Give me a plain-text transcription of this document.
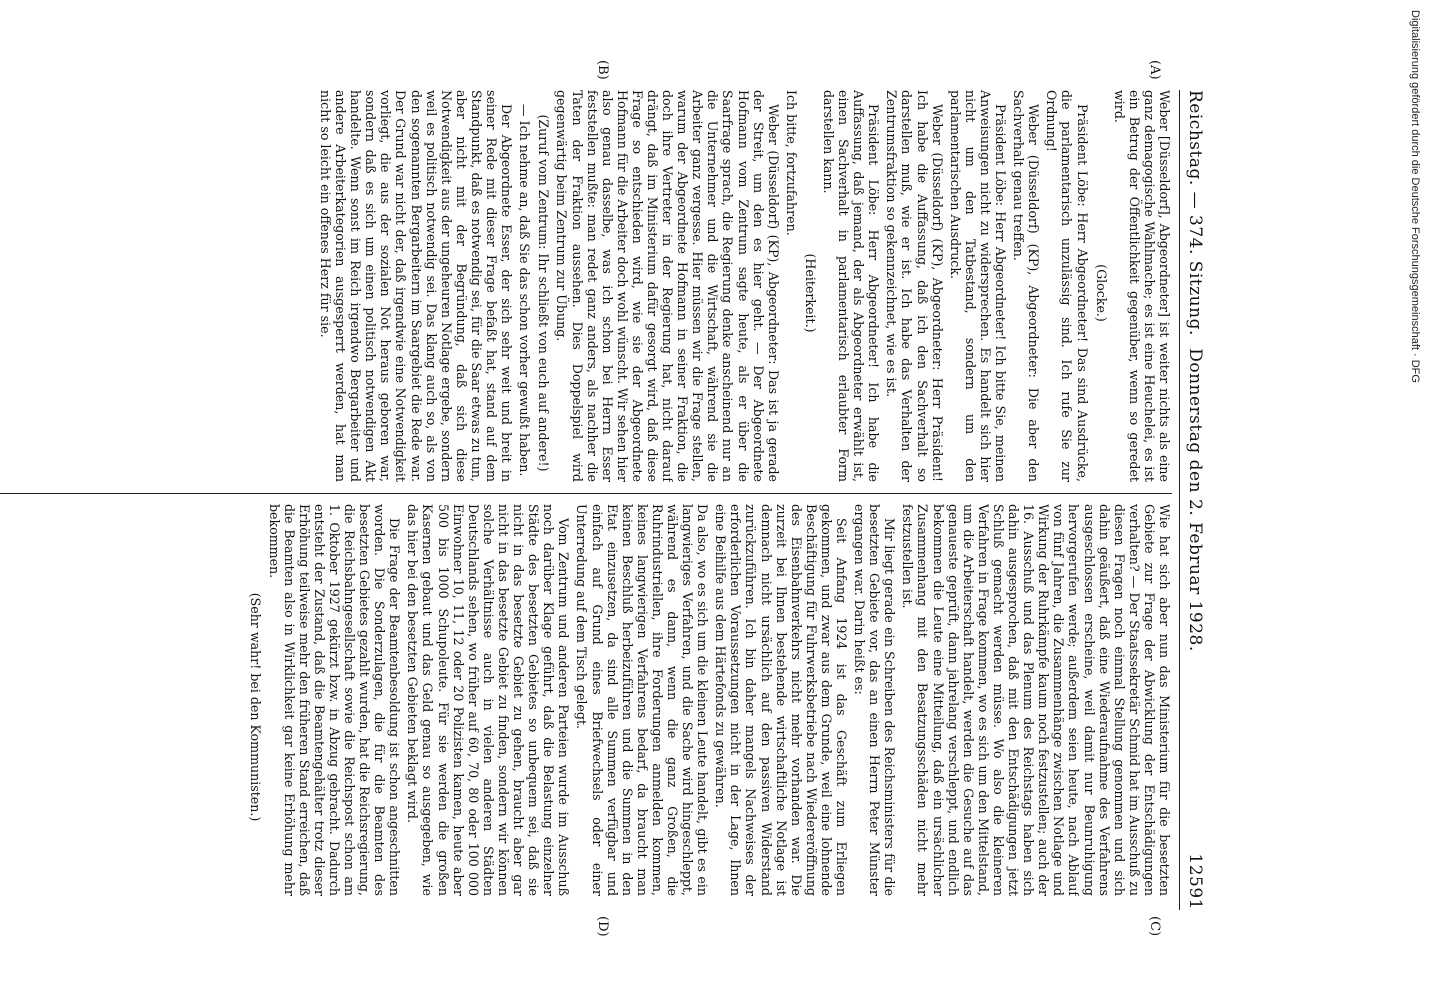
Reichstag. — 374. Sitzung.
Donnerstag den 2. Februar 1928.
12591

Weber [Düsseldorf], Abgeordneter] ist weiter nichts als eine ganz demagogische Wahlmache; es ist eine Heuchelei, es ist ein Betrug der Öffentlichkeit gegenüber, wenn so geredet wird.

(Glocke.)

Präsident Löbe: Herr Abgeordneter! Das sind Ausdrücke, die parlamentarisch unzulässig sind. Ich rufe Sie zur Ordnung!

Weber (Düsseldorf) (KP), Abgeordneter: Die aber den Sachverhalt genau treffen.

Präsident Löbe: Herr Abgeordneter! Ich bitte Sie, meinen Anweisungen nicht zu widersprechen. Es handelt sich hier nicht um den Tatbestand, sondern um den parlamentarischen Ausdruck.

Weber (Düsseldorf) (KP), Abgeordneter: Herr Präsident! Ich habe die Auffassung, daß ich den Sachverhalt so darstellen muß, wie er ist. Ich habe das Verhalten der Zentrumsfraktion so gekennzeichnet, wie es ist.

Präsident Löbe: Herr Abgeordneter! Ich habe die Auffassung, daß jemand, der als Abgeordneter erwählt ist, einen Sachverhalt in parlamentarisch erlaubter Form darstellen kann.

(Heiterkeit.)

Ich bitte, fortzufahren.

Weber (Düsseldorf) (KP), Abgeordneter: Das ist ja gerade der Streit, um den es hier geht. — Der Abgeordnete Hofmann vom Zentrum sagte heute, als er über die Saarfrage sprach, die Regierung denke anscheinend nur an die Unternehmer und die Wirtschaft, während sie die Arbeiter ganz vergesse. Hier müssen wir die Frage stellen, warum der Abgeordnete Hofmann in seiner Fraktion, die doch ihre Vertreter in der Regierung hat, nicht darauf drängt, daß im Ministerium dafür gesorgt wird, daß diese Frage so entschieden wird, wie sie der Abgeordnete Hofmann für die Arbeiter doch wohl wünscht. Wir sehen hier also genau dasselbe, was ich schon bei Herrn Esser feststellen mußte: man redet ganz anders, als nachher die Taten der Fraktion aussehen. Dies Doppelspiel wird gegenwärtig beim Zentrum zur Übung.

(Zuruf vom Zentrum: Ihr schließt von euch auf andere!)

— Ich nehme an, daß Sie das schon vorher gewußt haben.

Der Abgeordnete Esser, der sich sehr weit und breit in seiner Rede mit dieser Frage befaßt hat, stand auf dem Standpunkt, daß es notwendig sei, für die Saar etwas zu tun, aber nicht mit der Begründung, daß sich diese Notwendigkeit aus der ungeheuren Notlage ergebe, sondern weil es politisch notwendig sei. Das klang auch so, als von den sogenannten Bergarbeitern im Saargebiet die Rede war. Der Grund war nicht der, daß irgendwie eine Notwendigkeit vorliegt, die aus der sozialen Not heraus geboren war, sondern daß es sich um einen politisch notwendigen Akt handelte. Wenn sonst im Reich irgendwo Bergarbeiter und andere Arbeiterkategorien ausgesperrt werden, hat man nicht so leicht ein offenes Herz für sie.

Wie hat sich aber nun das Ministerium für die besetzten Gebiete zur Frage der Abwicklung der Entschädigungen verhalten? — Der Staatssekretär Schmid hat im Ausschuß zu diesen Fragen noch einmal Stellung genommen und sich dahin geäußert, daß eine Wiederaufnahme des Verfahrens ausgeschlossen erscheine, weil damit nur Beunruhigung hervorgerufen werde; außerdem seien heute, nach Ablauf von fünf Jahren, die Zusammenhänge zwischen Notlage und Wirkung der Ruhrkämpfe kaum noch festzustellen; auch der 16. Ausschuß und das Plenum des Reichstags haben sich dahin ausgesprochen, daß mit den Entschädigungen jetzt Schluß gemacht werden müsse. Wo also die kleineren Verfahren in Frage kommen, wo es sich um den Mittelstand, um die Arbeiterschaft handelt, werden die Gesuche auf das genaueste geprüft, dann jahrelang verschleppt, und endlich bekommen die Leute eine Mitteilung, daß ein ursächlicher Zusammenhang mit den Besatzungsschäden nicht mehr festzustellen ist.

Mir liegt gerade ein Schreiben des Reichsministers für die besetzten Gebiete vor, das an einen Herrn Peter Münster ergangen war. Darin heißt es:

Seit Anfang 1924 ist das Geschäft zum Erliegen gekommen, und zwar aus dem Grunde, weil eine lohnende Beschäftigung für Fuhrwerksbetriebe nach Wiedereröffnung des Eisenbahnverkehrs nicht mehr vorhanden war. Die zurzeit bei Ihnen bestehende wirtschaftliche Notlage ist demnach nicht ursächlich auf den passiven Widerstand zurückzuführen. Ich bin daher mangels Nachweises der erforderlichen Voraussetzungen nicht in der Lage, Ihnen eine Beihilfe aus dem Härtefonds zu gewähren.

Da also, wo es sich um die kleinen Leute handelt, gibt es ein langwieriges Verfahren, und die Sache wird hingeschleppt, während es dann, wenn die ganz Großen, die Ruhrindustriellen, ihre Forderungen anmelden kommen, keines langwierigen Verfahrens bedarf, da braucht man keinen Beschluß herbeizuführen und die Summen in den Etat einzusetzen, da sind alle Summen verfügbar und einfach auf Grund eines Briefwechsels oder einer Unterredung auf dem Tisch gelegt.

Vom Zentrum und anderen Parteien wurde im Ausschuß noch darüber Klage geführt, daß die Belastung einzelner Städte des besetzten Gebietes so unbequem sei, daß sie nicht in das besetzte Gebiet zu gehen, braucht aber gar nicht in das besetzte Gebiet zu finden, sondern wir können solche Verhältnisse auch in vielen anderen Städten Deutschlands sehen, wo früher auf 60, 70, 80 oder 100 000 Einwohner 10, 11, 12 oder 20 Polizisten kamen, heute aber 500 bis 1000 Schupoleute. Für sie werden die großen Kasernen gebaut und das Geld genau so ausgegeben, wie das hier bei den besetzten Gebieten beklagt wird.

Die Frage der Beamtenbesoldung ist schon angeschnitten worden. Die Sonderzulagen, die für die Beamten des besetzten Gebietes gezahlt wurden, hat die Reichsregierung, die Reichsbahngesellschaft sowie die Reichspost schon am 1. Oktober 1927 gekürzt bzw. in Abzug gebracht. Dadurch entsteht der Zustand, daß die Beamtengehälter trotz dieser Erhöhung teilweise mehr den früheren Stand erreichen, daß die Beamten also in Wirklichkeit gar keine Erhöhung mehr bekommen.

(Sehr wahr! bei den Kommunisten.)

(A)
(B)
(C)
(D)
Digitalisierung gefördert durch die Deutsche Forschungsgemeinschaft · DFG
